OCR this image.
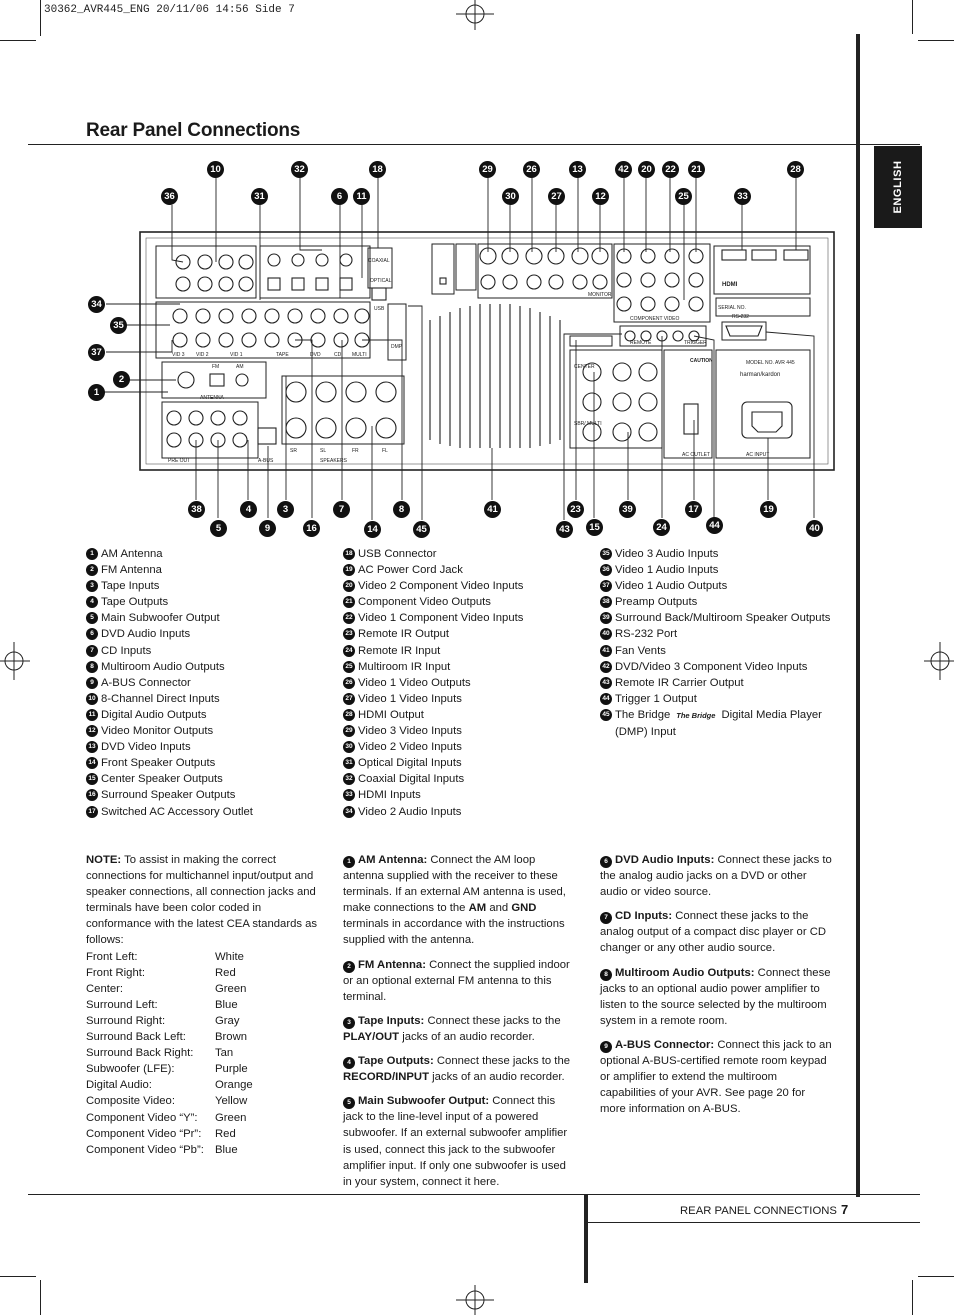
30362_AVR445_ENG 20/11/06 14:56 Side 7
Rear Panel Connections
ENGLISH
PRE OUT	A-BUS	SPEAKERS
ANTENNA
FM	AM
COAXIAL
OPTICAL
USB
DMP
VID 3 VID 2	VID 1	TAPE	DVD	CD MULTI
SR	SL	FR	FL
HDMI
SERIAL NO.
RS-232
COMPONENT VIDEO
CENTER
SBR/ MULTI
REMOTE	TRIGGER
MONITOR
CAUTION	MODEL NO. AVR 445
harman/kardon
AC OUTLET	AC INPUT
10	32	18
36	31	6	11
29	26	13	42	20	22	21	28
30	27	12	25	33
34
35
37
2
1
38	4	3	7	8
5	9	16	14	45
41	23
43	15
39
24
17
44
19
40
1 AM Antenna
2 FM Antenna
3 Tape Inputs
4 Tape Outputs
5 Main Subwoofer Output
6 DVD Audio Inputs
7 CD Inputs
8 Multiroom Audio Outputs
9 A-BUS Connector
10 8-Channel Direct Inputs
11 Digital Audio Outputs
12 Video Monitor Outputs
13 DVD Video Inputs
14 Front Speaker Outputs
15 Center Speaker Outputs
16 Surround Speaker Outputs
17 Switched AC Accessory Outlet
18 USB Connector
19 AC Power Cord Jack
20 Video 2 Component Video Inputs
21 Component Video Outputs
22 Video 1 Component Video Inputs
23 Remote IR Output
24 Remote IR Input
25 Multiroom IR Input
26 Video 1 Video Outputs
27 Video 1 Video Inputs
28 HDMI Output
29 Video 3 Video Inputs
30 Video 2 Video Inputs
31 Optical Digital Inputs
32 Coaxial Digital Inputs
33 HDMI Inputs
34 Video 2 Audio Inputs
35 Video 3 Audio Inputs
36 Video 1 Audio Inputs
37 Video 1 Audio Outputs
38 Preamp Outputs
39 Surround Back/Multiroom Speaker Outputs
40 RS-232 Port
41 Fan Vents
42 DVD/Video 3 Component Video Inputs
43 Remote IR Carrier Output
44 Trigger 1 Output
45 The Bridge The Bridge Digital Media Player (DMP) Input

NOTE: To assist in making the correct connections for multichannel input/output and speaker connections, all connection jacks and terminals have been color coded in conformance with the latest CEA standards as follows:

Front Left:	White
Front Right:	Red
Center:	Green
Surround Left:	Blue
Surround Right:	Gray
Surround Back Left:	Brown
Surround Back Right:	Tan
Subwoofer (LFE):	Purple
Digital Audio:	Orange
Composite Video:	Yellow
Component Video “Y”:	Green
Component Video “Pr”:	Red
Component Video “Pb”: Blue

1 AM Antenna: Connect the AM loop antenna supplied with the receiver to these terminals. If an external AM antenna is used, make connections to the AM and GND terminals in accordance with the instructions supplied with the antenna.

2 FM Antenna: Connect the supplied indoor or an optional external FM antenna to this terminal.

3 Tape Inputs: Connect these jacks to the PLAY/OUT jacks of an audio recorder.

4 Tape Outputs: Connect these jacks to the RECORD/INPUT jacks of an audio recorder.

5 Main Subwoofer Output: Connect this jack to the line-level input of a powered subwoofer. If an external subwoofer amplifier is used, connect this jack to the subwoofer amplifier input. If only one subwoofer is used in your system, connect it here.

6 DVD Audio Inputs: Connect these jacks to the analog audio jacks on a DVD or other audio or video source.

7 CD Inputs: Connect these jacks to the analog output of a compact disc player or CD changer or any other audio source.

8 Multiroom Audio Outputs: Connect these jacks to an optional audio power amplifier to listen to the source selected by the multiroom system in a remote room.

9 A-BUS Connector: Connect this jack to an optional A-BUS-certified remote room keypad or amplifier to extend the multiroom capabilities of your AVR. See page 20 for more information on A-BUS.

REAR PANEL CONNECTIONS 7
